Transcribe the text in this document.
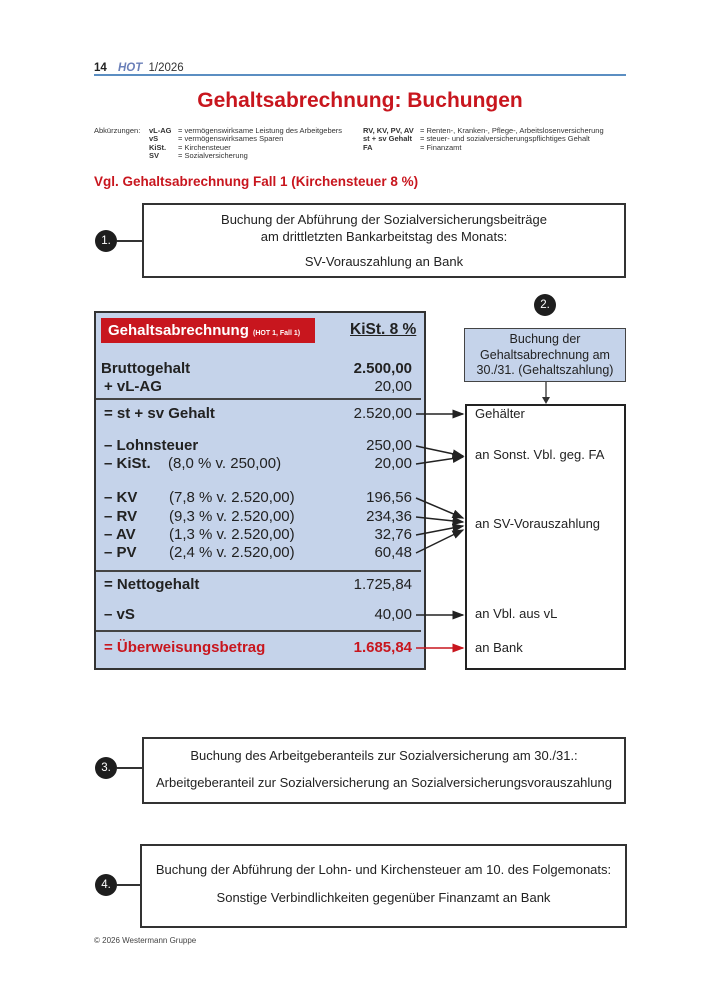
14 HOT 1/2026
Gehaltsabrechnung: Buchungen
Abkürzungen: vL-AG = vermögenswirksame Leistung des Arbeitgebers
vS	= vermögenswirksames Sparen
KiSt. = Kirchensteuer
SV	= Sozialversicherung
RV, KV, PV, AV = Renten-, Kranken-, Pflege-, Arbeitslosenversicherung
st + sv Gehalt = steuer- und sozialversicherungspflichtiges Gehalt
FA	= Finanzamt
Vgl. Gehaltsabrechnung Fall 1 (Kirchensteuer 8 %)
1.
Buchung der Abführung der Sozialversicherungsbeiträge
am drittletzten Bankarbeitstag des Monats:
SV-Vorauszahlung an Bank
2.
Buchung der
Gehaltsabrechnung am
30./31. (Gehaltszahlung)
Gehaltsabrechnung (HOT 1, Fall 1)	KiSt. 8 %
Bruttogehalt	2.500,00
+ vL-AG	20,00
= st + sv Gehalt	2.520,00
– Lohnsteuer	250,00
– KiSt. (8,0 % v. 250,00)	20,00
– KV (7,8 % v. 2.520,00)	196,56
– RV (9,3 % v. 2.520,00)	234,36
– AV (1,3 % v. 2.520,00)	32,76
– PV (2,4 % v. 2.520,00)	60,48
= Nettogehalt	1.725,84
– vS	40,00
= Überweisungsbetrag	1.685,84
Gehälter
an Sonst. Vbl. geg. FA
an SV-Vorauszahlung
an Vbl. aus vL
an Bank
3.
Buchung des Arbeitgeberanteils zur Sozialversicherung am 30./31.:
Arbeitgeberanteil zur Sozialversicherung an Sozialversicherungsvorauszahlung
4.
Buchung der Abführung der Lohn- und Kirchensteuer am 10. des Folgemonats:
Sonstige Verbindlichkeiten gegenüber Finanzamt an Bank
© 2026 Westermann Gruppe
